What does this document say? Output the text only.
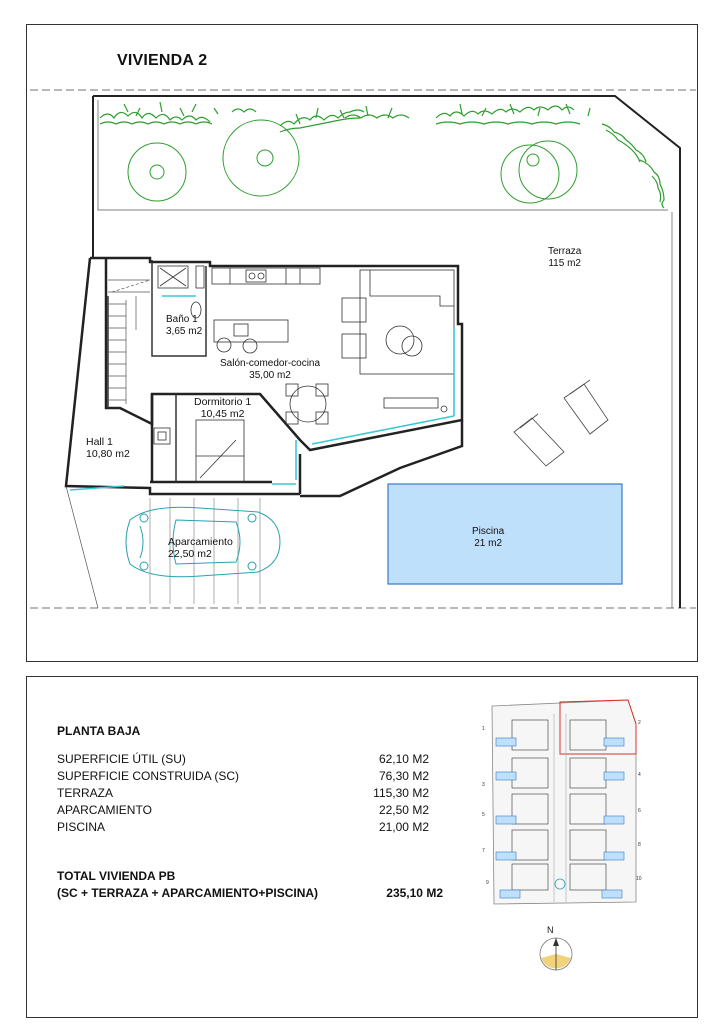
VIVIENDA 2
Terraza
115 m2
Baño 1
3,65 m2
Salón-comedor-cocina
35,00 m2
Dormitorio 1
10,45 m2
Hall 1
10,80 m2
Aparcamiento
22,50 m2
Piscina
21 m2
PLANTA BAJA
SUPERFICIE ÚTIL (SU)	62,10 M2
SUPERFICIE CONSTRUIDA (SC)	76,30 M2
TERRAZA	115,30 M2
APARCAMIENTO	22,50 M2
PISCINA	21,00 M2
TOTAL VIVIENDA PB
(SC + TERRAZA + APARCAMIENTO+PISCINA)	235,10 M2
1
2
3
4
5
6
7
8
9
10
N
